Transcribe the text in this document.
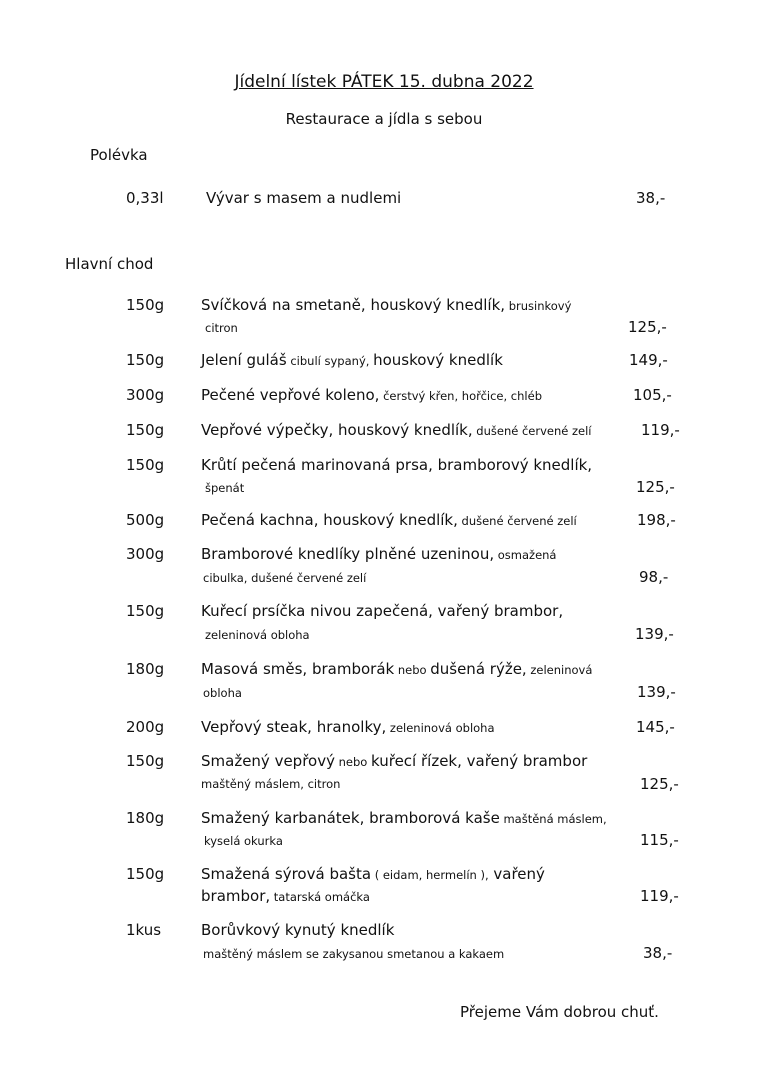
Jídelní lístek PÁTEK 15. dubna 2022
Restaurace a jídla s sebou
Polévka
0,33l	Vývar s masem a nudlemi	38,-
Hlavní chod
150g Svíčková na smetaně, houskový knedlík, brusinkový
citron	125,-
150g Jelení guláš cibulí sypaný, houskový knedlík	149,-
300g Pečené vepřové koleno, čerstvý křen, hořčice, chléb	105,-
150g Vepřové výpečky, houskový knedlík, dušené červené zelí	119,-
150g Krůtí pečená marinovaná prsa, bramborový knedlík,
špenát	125,-
500g Pečená kachna, houskový knedlík, dušené červené zelí	198,-
300g Bramborové knedlíky plněné uzeninou, osmažená
cibulka, dušené červené zelí	98,-
150g Kuřecí prsíčka nivou zapečená, vařený brambor,
zeleninová obloha	139,-
180g Masová směs, bramborák nebo dušená rýže, zeleninová
obloha	139,-
200g Vepřový steak, hranolky, zeleninová obloha	145,-
150g Smažený vepřový nebo kuřecí řízek, vařený brambor
maštěný máslem, citron	125,-
180g Smažený karbanátek, bramborová kaše maštěná máslem,
kyselá okurka	115,-
150g Smažená sýrová bašta ( eidam, hermelín ), vařený
brambor, tatarská omáčka	119,-
1kus	Borůvkový kynutý knedlík
maštěný máslem se zakysanou smetanou a kakaem	38,-
Přejeme Vám dobrou chuť.
